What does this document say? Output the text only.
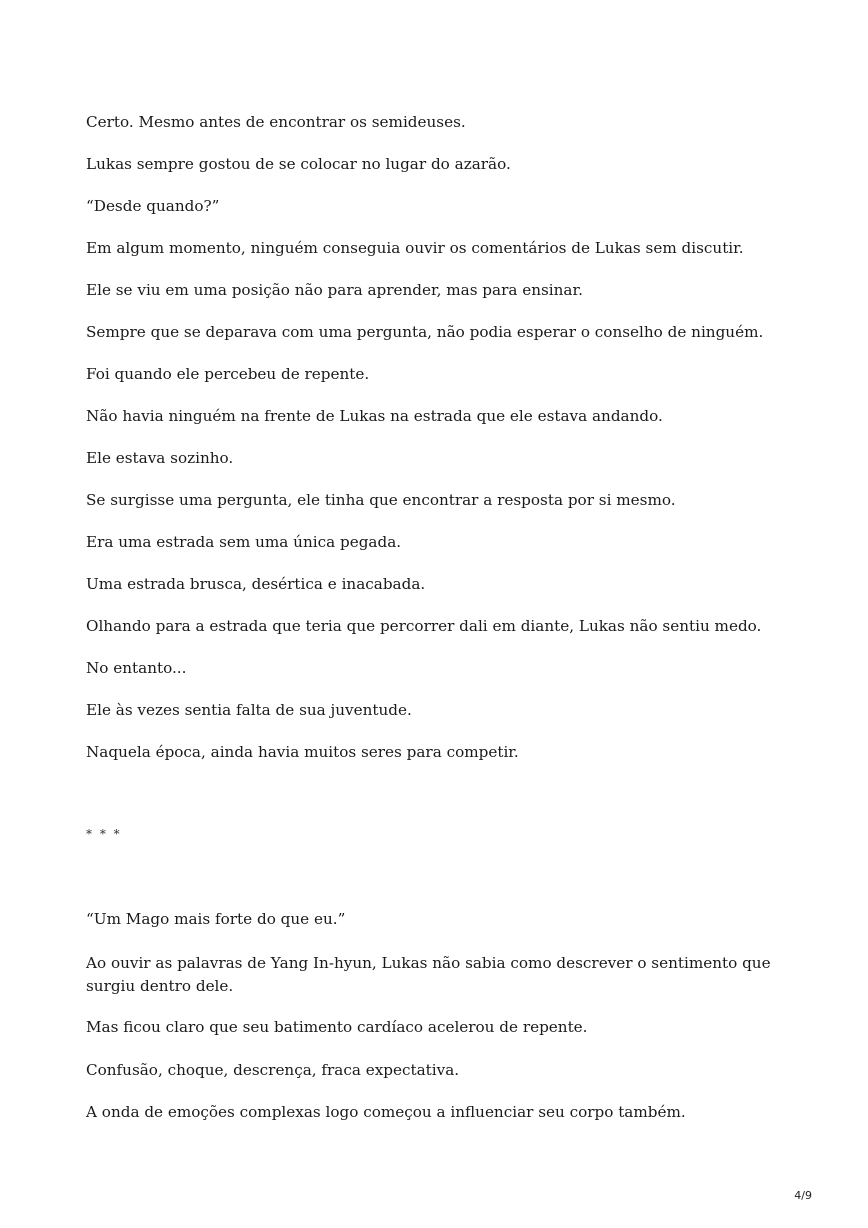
Certo. Mesmo antes de encontrar os semideuses.

Lukas sempre gostou de se colocar no lugar do azarão.

“Desde quando?”

Em algum momento, ninguém conseguia ouvir os comentários de Lukas sem discutir.

Ele se viu em uma posição não para aprender, mas para ensinar.

Sempre que se deparava com uma pergunta, não podia esperar o conselho de ninguém.

Foi quando ele percebeu de repente.

Não havia ninguém na frente de Lukas na estrada que ele estava andando.

Ele estava sozinho.

Se surgisse uma pergunta, ele tinha que encontrar a resposta por si mesmo.

Era uma estrada sem uma única pegada.

Uma estrada brusca, desértica e inacabada.

Olhando para a estrada que teria que percorrer dali em diante, Lukas não sentiu medo.

No entanto...

Ele às vezes sentia falta de sua juventude.

Naquela época, ainda havia muitos seres para competir.

* * *

“Um Mago mais forte do que eu.”

Ao ouvir as palavras de Yang In-hyun, Lukas não sabia como descrever o sentimento que surgiu dentro dele.

Mas ficou claro que seu batimento cardíaco acelerou de repente.

Confusão, choque, descrença, fraca expectativa.

A onda de emoções complexas logo começou a influenciar seu corpo também.

4/9
